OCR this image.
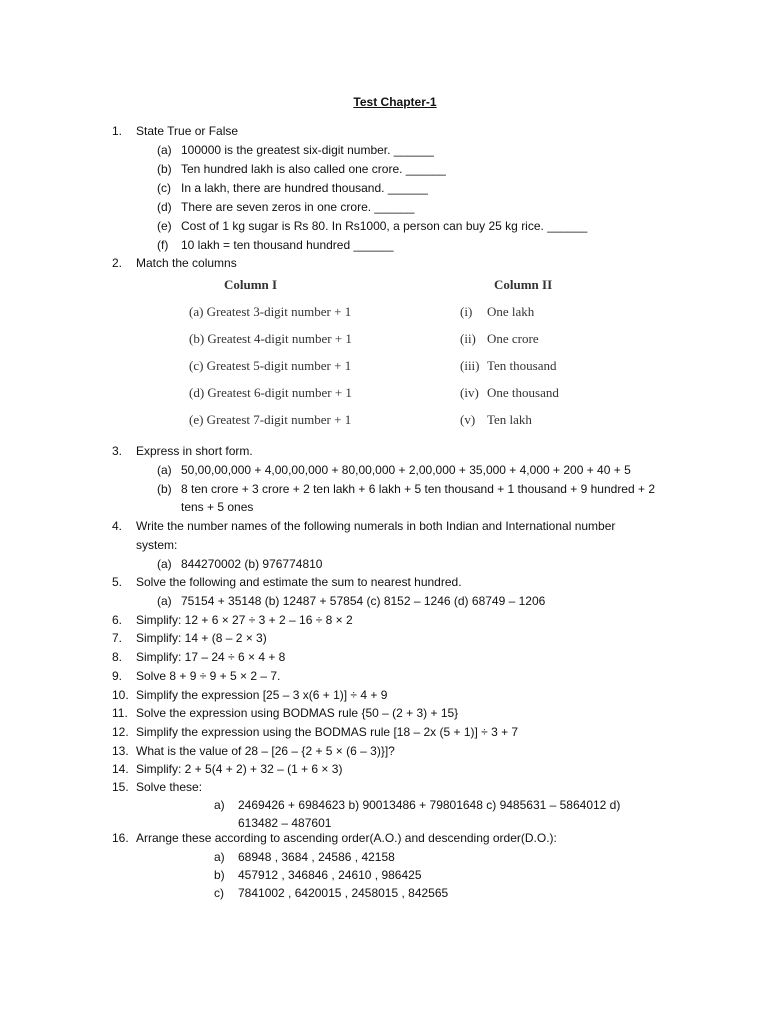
Test Chapter-1
1. State True or False
(a) 100000 is the greatest six-digit number. ______
(b) Ten hundred lakh is also called one crore. ______
(c) In a lakh, there are hundred thousand. ______
(d) There are seven zeros in one crore. ______
(e) Cost of 1 kg sugar is Rs 80. In Rs1000, a person can buy 25 kg rice. ______
(f) 10 lakh = ten thousand hundred ______
2. Match the columns
Column I	Column II
(a) Greatest 3-digit number + 1
(b) Greatest 4-digit number + 1
(c) Greatest 5-digit number + 1
(d) Greatest 6-digit number + 1
(e) Greatest 7-digit number + 1
(i) One lakh
(ii) One crore
(iii) Ten thousand
(iv) One thousand
(v) Ten lakh
3. Express in short form.
(a) 50,00,00,000 + 4,00,00,000 + 80,00,000 + 2,00,000 + 35,000 + 4,000 + 200 + 40 + 5
(b) 8 ten crore + 3 crore + 2 ten lakh + 6 lakh + 5 ten thousand + 1 thousand + 9 hundred + 2
tens + 5 ones
4. Write the number names of the following numerals in both Indian and International number
system:
(a) 844270002 (b) 976774810
5. Solve the following and estimate the sum to nearest hundred.
(a) 75154 + 35148 (b) 12487 + 57854 (c) 8152 – 1246 (d) 68749 – 1206
6. Simplify: 12 + 6 × 27 ÷ 3 + 2 – 16 ÷ 8 × 2
7. Simplify: 14 + (8 – 2 × 3)
8. Simplify: 17 – 24 ÷ 6 × 4 + 8
9. Solve 8 + 9 ÷ 9 + 5 × 2 – 7.
10. Simplify the expression [25 – 3 x(6 + 1)] ÷ 4 + 9
11. Solve the expression using BODMAS rule {50 – (2 + 3) + 15}
12. Simplify the expression using the BODMAS rule [18 – 2x (5 + 1)] ÷ 3 + 7
13. What is the value of 28 – [26 – {2 + 5 × (6 – 3)}]?
14. Simplify: 2 + 5(4 + 2) + 32 – (1 + 6 × 3)
15. Solve these:
a) 2469426 + 6984623 b) 90013486 + 79801648 c) 9485631 – 5864012 d)
613482 – 487601
16. Arrange these according to ascending order(A.O.) and descending order(D.O.):
a) 68948 , 3684 , 24586 , 42158
b) 457912 , 346846 , 24610 , 986425
c) 7841002 , 6420015 , 2458015 , 842565
